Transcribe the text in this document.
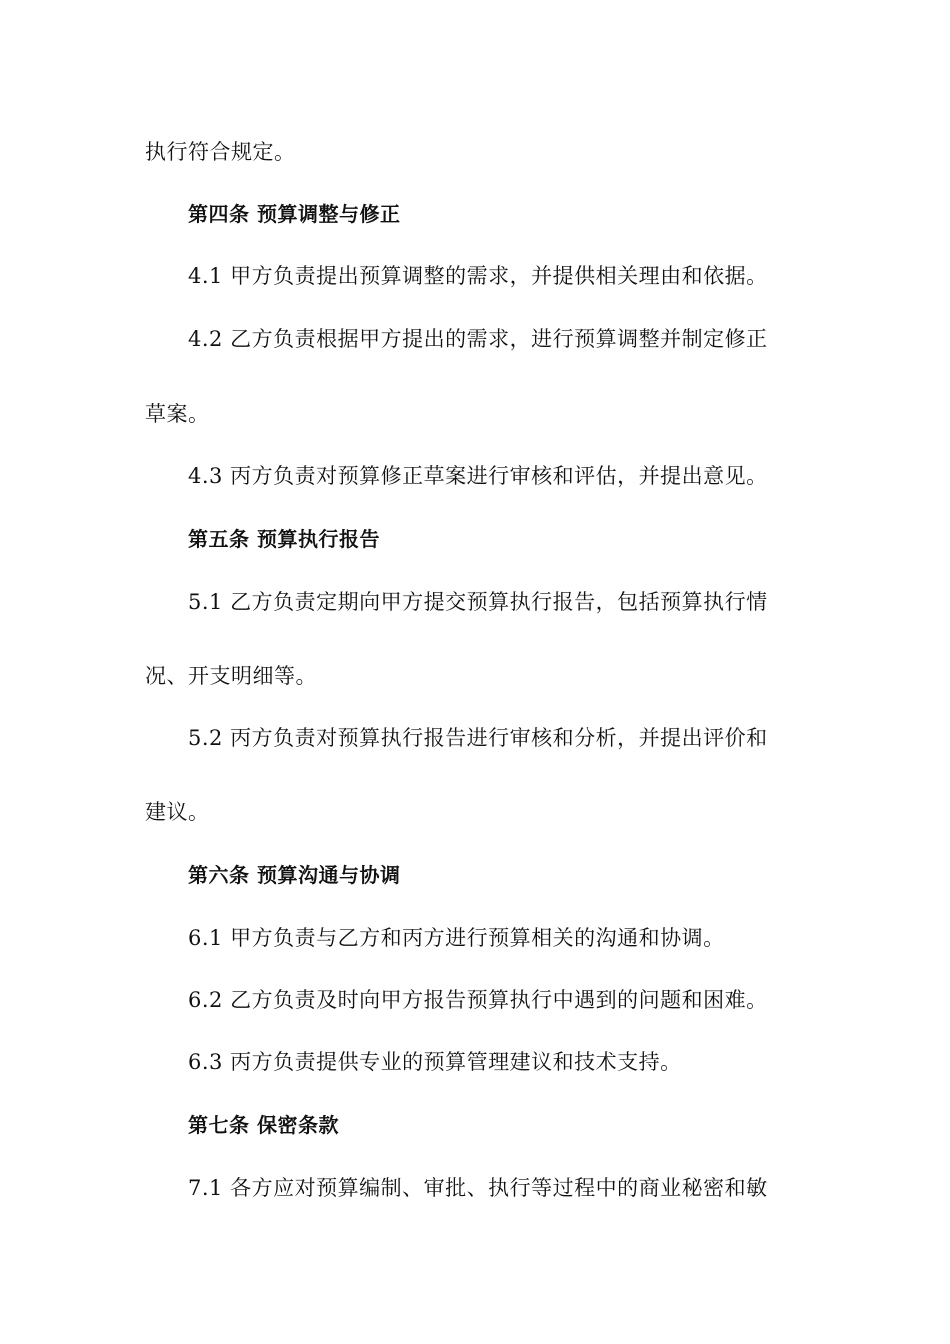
执行符合规定。
第四条 预算调整与修正
4.1 甲方负责提出预算调整的需求，并提供相关理由和依据。
4.2 乙方负责根据甲方提出的需求，进行预算调整并制定修正
草案。
4.3 丙方负责对预算修正草案进行审核和评估，并提出意见。
第五条 预算执行报告
5.1 乙方负责定期向甲方提交预算执行报告，包括预算执行情
况、开支明细等。
5.2 丙方负责对预算执行报告进行审核和分析，并提出评价和
建议。
第六条 预算沟通与协调
6.1 甲方负责与乙方和丙方进行预算相关的沟通和协调。
6.2 乙方负责及时向甲方报告预算执行中遇到的问题和困难。
6.3 丙方负责提供专业的预算管理建议和技术支持。
第七条 保密条款
7.1 各方应对预算编制、审批、执行等过程中的商业秘密和敏
